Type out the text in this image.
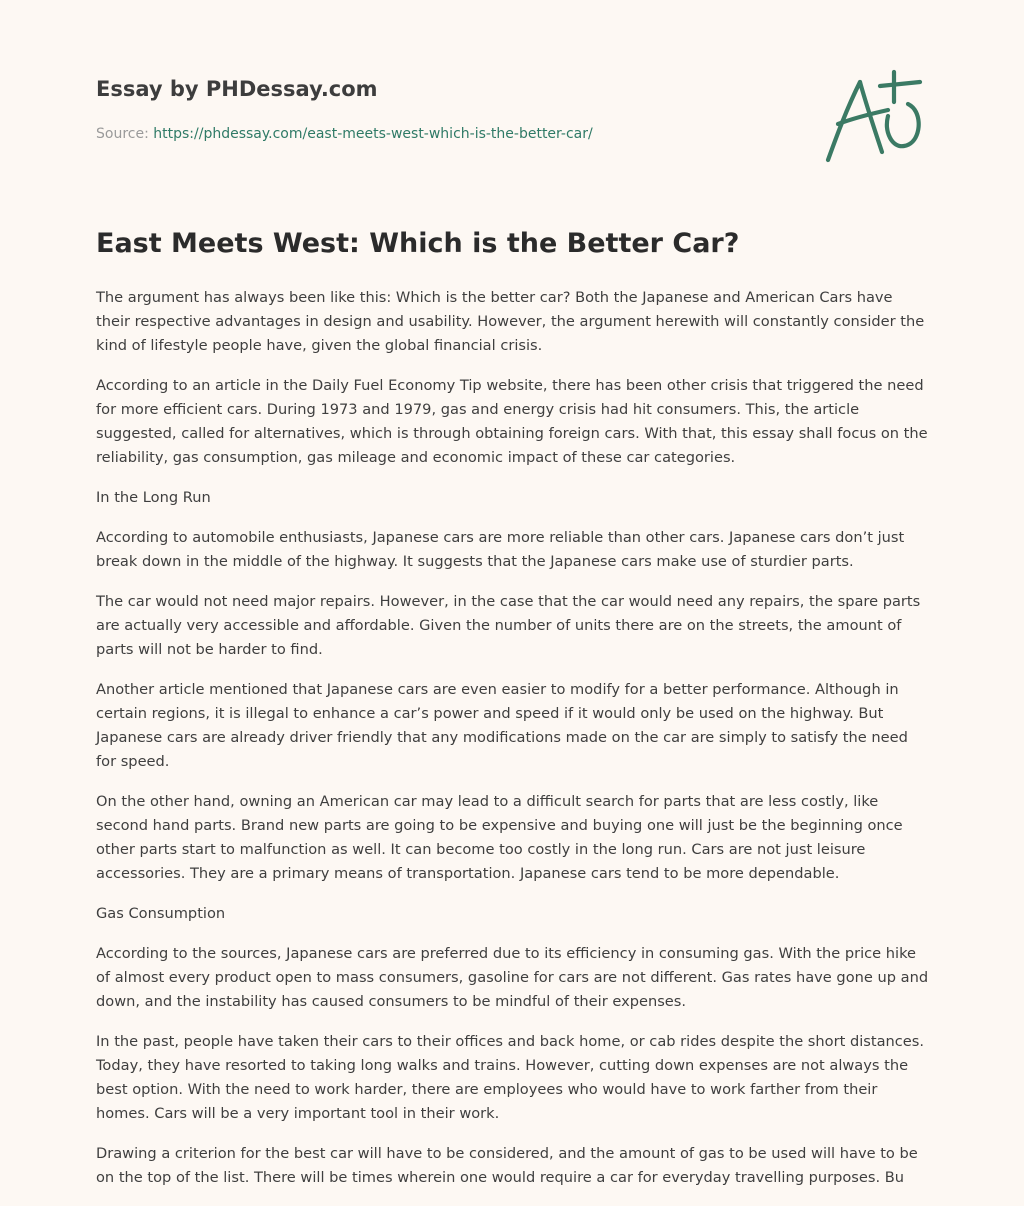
Essay by PHDessay.com
Source: https://phdessay.com/east-meets-west-which-is-the-better-car/
East Meets West: Which is the Better Car?

The argument has always been like this: Which is the better car? Both the Japanese and American Cars have their respective advantages in design and usability. However, the argument herewith will constantly consider the kind of lifestyle people have, given the global financial crisis.

According to an article in the Daily Fuel Economy Tip website, there has been other crisis that triggered the need for more efficient cars. During 1973 and 1979, gas and energy crisis had hit consumers. This, the article suggested, called for alternatives, which is through obtaining foreign cars. With that, this essay shall focus on the reliability, gas consumption, gas mileage and economic impact of these car categories.

In the Long Run

According to automobile enthusiasts, Japanese cars are more reliable than other cars. Japanese cars don’t just break down in the middle of the highway. It suggests that the Japanese cars make use of sturdier parts.

The car would not need major repairs. However, in the case that the car would need any repairs, the spare parts are actually very accessible and affordable. Given the number of units there are on the streets, the amount of parts will not be harder to find.

Another article mentioned that Japanese cars are even easier to modify for a better performance. Although in certain regions, it is illegal to enhance a car’s power and speed if it would only be used on the highway. But Japanese cars are already driver friendly that any modifications made on the car are simply to satisfy the need for speed.

On the other hand, owning an American car may lead to a difficult search for parts that are less costly, like second hand parts. Brand new parts are going to be expensive and buying one will just be the beginning once other parts start to malfunction as well. It can become too costly in the long run. Cars are not just leisure accessories. They are a primary means of transportation. Japanese cars tend to be more dependable.

Gas Consumption

According to the sources, Japanese cars are preferred due to its efficiency in consuming gas. With the price hike of almost every product open to mass consumers, gasoline for cars are not different. Gas rates have gone up and down, and the instability has caused consumers to be mindful of their expenses.

In the past, people have taken their cars to their offices and back home, or cab rides despite the short distances. Today, they have resorted to taking long walks and trains. However, cutting down expenses are not always the best option. With the need to work harder, there are employees who would have to work farther from their homes. Cars will be a very important tool in their work.

Drawing a criterion for the best car will have to be considered, and the amount of gas to be used will have to be on the top of the list. There will be times wherein one would require a car for everyday travelling purposes. Bu
